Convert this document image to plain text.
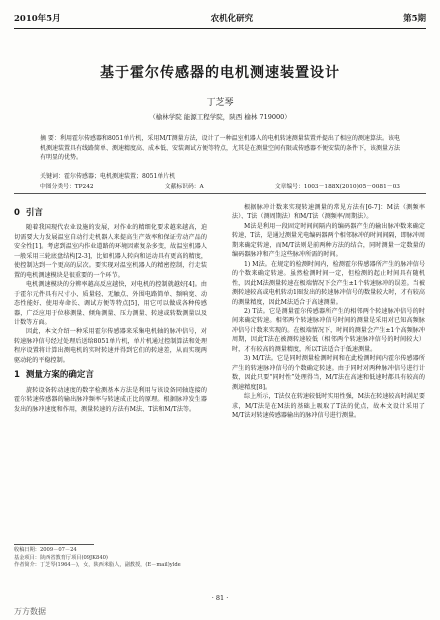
2010年5月	农机化研究	第5期
基于霍尔传感器的电机测速装置设计
丁芝琴
（榆林学院 能源工程学院，陕西 榆林 719000）
摘 要：利用霍尔传感器和8051单片机，采用M/T测量方法，设计了一种温室机器人的电机转速测量装置并提出了相应的测速算法。该电机测速装置具有线路简单、测速精度高、成本低、安装调试方便等特点，尤其是在测量空间有限或传感器不便安装的条件下，该测量方法有明显的优势。
关键词：霍尔传感器；电机测速装置；8051单片机
中图分类号：TP242	文献标识码：A	文章编号：1003－188X(2010)05－0081－03
0 引言

随着我国现代农业设施的发展，对作业的精细化要求越来越高，迫切需要大力发展温室自动行走机器人来提高生产效率和保证劳动产品的安全性[1]。考虑到温室内作业道路的环境因素复杂多变，故温室机器人一般采用三轮底盘结构[2-3]，比如机器人转向和运动具有更高的精度，使控制达到一个更高的层次。要实现对温室机器人的精密控制，行走装置的电机测速模块是很重要的一个环节。

电机测速模块的分辨率越高反应越快，对电机的控制就越好[4]。由于霍尔元件具有尺寸小、质量轻、无触点、外围电路简单、频响宽、动态性能好、使用寿命长、调试方便等特点[5]，用它可以做成各种传感器，广泛应用于位移测量、倾角测量、压力测量、转速或转数测量以及计数等方面。

因此，本文介绍一种采用霍尔传感器来采集电机轴的脉冲信号，对转速脉冲信号经过处理后送给8051单片机，单片机通过控制算法和处理程序设置将计算出测电机的实时转速并得到它们的转速差，从而实现两驱动轮的平稳控制。

1 测量方案的确定言

旋转设备转动速度的数字检测基本方法是利用与该设备同轴连接的霍尔转速传感器的输出脉冲频率与转速成正比的原理。根据脉冲发生器发出的脉冲速度和作用，测量转速的方法有M法、T法和M/T法等。

收稿日期：2009－07－24
基金项目：陕西省教育厅项目(09JK840)
作者简介：丁芝琴(1964－)，女，陕西米脂人，副教授，(E－mail)ylde

根据脉冲计数来实现转速测量的常见方法有[6-7]：M法（测频率法）、T法（测周期法）和M/T法（测频率/周期法）。

M法是利用一段固定时间间隔内的编码器产生的输出脉冲数来确定转速，T法，是通过测量光电编码器两个相邻脉冲的时间间隔，即脉冲周期来确定转速，而M/T法则是前两种方法的结合，同时测量一定数量的编码器脉冲和产生这些脉冲所需的时间。

1) M法。在规定的检测时间内，检测霍尔传感器所产生的脉冲信号的个数来确定转速。虽然检测时间一定，但检测的起止时间具有随机性，因此M法测量转速在极端情况下会产生±1个转速脉冲的误差。当被测转速较高或电机转动1圈发出的转速脉冲信号的数量较大时，才有较高的测量精度，因此M法适合于高速测量。

2) T法。它是测量霍尔传感器所产生的相邻两个转速脉冲信号的时间来确定转速。相邻两个转速脉冲信号时间的测量是采用对已知高频脉冲信号计数来实现的。在极端情况下，时间的测量会产生±1个高频脉冲周期，因此T法在被测转速较低（相邻两个转速脉冲信号的时间较大）时，才有较高的测量精度，所以T法适合于低速测量。

3) M/T法。它是同时测量检测时间和在此检测时间内霍尔传感器所产生的转速脉冲信号的个数确定转速。由于同时对两种脉冲信号进行计数，因此只要“同时性”处理得当，M/T法在高速和低速时都具有较高的测速精度[8]。

综上所示，T法仅在转速较低时实用性强，M法在转速较高时满足要求，M/T法是在M法的基础上吸取了T法的优点，故本文设计采用了M/T法对转速传感器输出的脉冲信号进行测量。

· 81 ·
万方数据
